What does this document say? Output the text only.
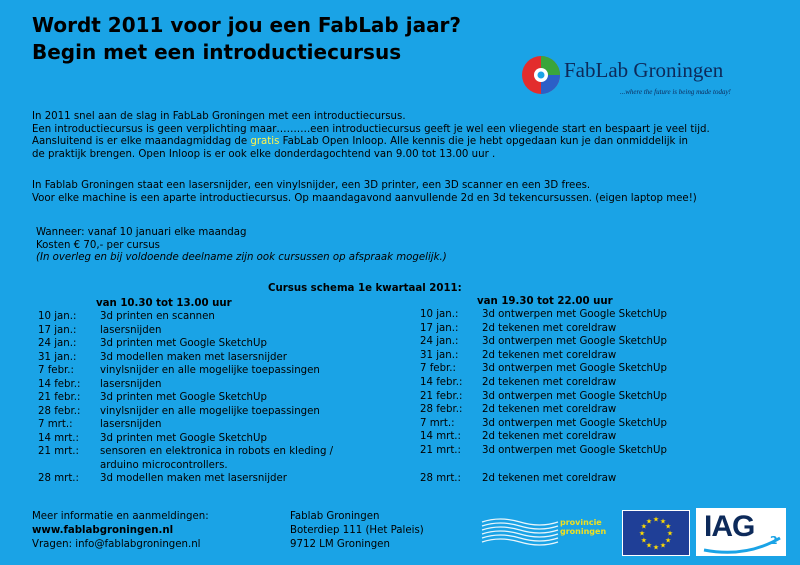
Wordt 2011 voor jou een FabLab jaar?
Begin met een introductiecursus
FabLab Groningen
...where the future is being made today!
In 2011 snel aan de slag in FabLab Groningen met een introductiecursus.
Een introductiecursus is geen verplichting maar……….een introductiecursus geeft je wel een vliegende start en bespaart je veel tijd.
Aansluitend is er elke maandagmiddag de gratis FabLab Open Inloop. Alle kennis die je hebt opgedaan kun je dan onmiddelijk in
de praktijk brengen. Open Inloop is er ook elke donderdagochtend van 9.00 tot 13.00 uur .
In Fablab Groningen staat een lasersnijder, een vinylsnijder, een 3D printer, een 3D scanner en een 3D frees.
Voor elke machine is een aparte introductiecursus. Op maandagavond aanvullende 2d en 3d tekencursussen. (eigen laptop mee!)
Wanneer: vanaf 10 januari elke maandag
Kosten € 70,- per cursus
(In overleg en bij voldoende deelname zijn ook cursussen op afspraak mogelijk.)
Cursus schema 1e kwartaal 2011:
van 10.30 tot 13.00 uur	van 19.30 tot 22.00 uur
10 jan.: 3d printen en scannen
17 jan.: lasersnijden
24 jan.: 3d printen met Google SketchUp
31 jan.: 3d modellen maken met lasersnijder
7 febr.:	vinylsnijder en alle mogelijke toepassingen
14 febr.: lasersnijden
21 febr.: 3d printen met Google SketchUp
28 febr.: vinylsnijder en alle mogelijke toepassingen
7 mrt.:	lasersnijden
14 mrt.: 3d printen met Google SketchUp
21 mrt.: sensoren en elektronica in robots en kleding /
arduino microcontrollers.
28 mrt.: 3d modellen maken met lasersnijder
10 jan.: 3d ontwerpen met Google SketchUp
17 jan.: 2d tekenen met coreldraw
24 jan.: 3d ontwerpen met Google SketchUp
31 jan.: 2d tekenen met coreldraw
7 febr.:	3d ontwerpen met Google SketchUp
14 febr.: 2d tekenen met coreldraw
21 febr.: 3d ontwerpen met Google SketchUp
28 febr.: 2d tekenen met coreldraw
7 mrt.:	3d ontwerpen met Google SketchUp
14 mrt.: 2d tekenen met coreldraw
21 mrt.: 3d ontwerpen met Google SketchUp
28 mrt.: 2d tekenen met coreldraw
Meer informatie en aanmeldingen:
www.fablabgroningen.nl
Vragen: info@fablabgroningen.nl
Fablab Groningen
Boterdiep 111 (Het Paleis)
9712 LM Groningen
provincie
groningen	★
★
★
★
★
★
★
★
★ ★ ★
★ IAG 2
